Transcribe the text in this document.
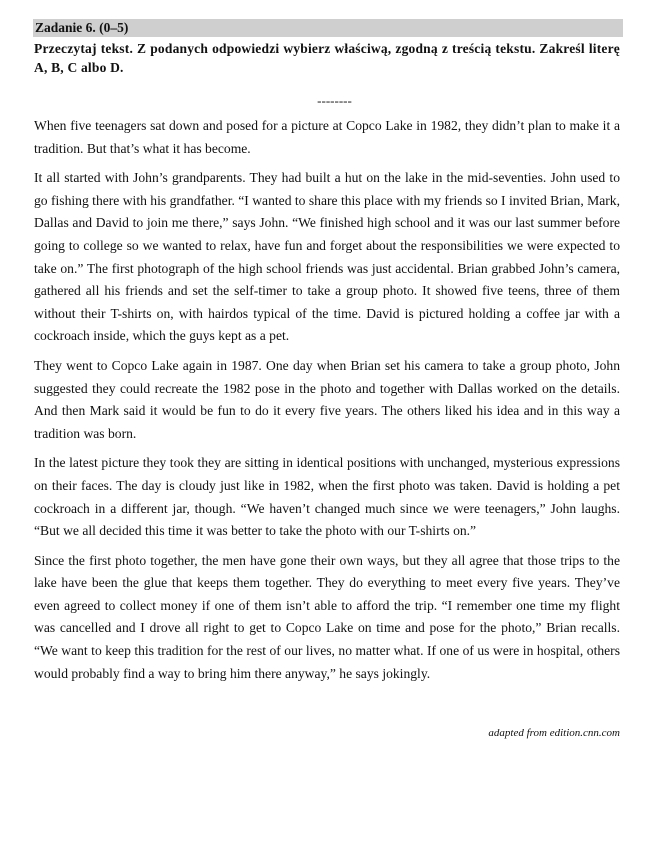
Zadanie 6. (0–5)
Przeczytaj tekst. Z podanych odpowiedzi wybierz właściwą, zgodną z treścią tekstu. Zakreśl literę A, B, C albo D.
--------

When five teenagers sat down and posed for a picture at Copco Lake in 1982, they didn’t plan to make it a tradition. But that’s what it has become.

It all started with John’s grandparents. They had built a hut on the lake in the mid-seventies. John used to go fishing there with his grandfather. “I wanted to share this place with my friends so I invited Brian, Mark, Dallas and David to join me there,” says John. “We finished high school and it was our last summer before going to college so we wanted to relax, have fun and forget about the responsibilities we were expected to take on.” The first photograph of the high school friends was just accidental. Brian grabbed John’s camera, gathered all his friends and set the self-timer to take a group photo. It showed five teens, three of them without their T-shirts on, with hairdos typical of the time. David is pictured holding a coffee jar with a cockroach inside, which the guys kept as a pet.

They went to Copco Lake again in 1987. One day when Brian set his camera to take a group photo, John suggested they could recreate the 1982 pose in the photo and together with Dallas worked on the details. And then Mark said it would be fun to do it every five years. The others liked his idea and in this way a tradition was born.

In the latest picture they took they are sitting in identical positions with unchanged, mysterious expressions on their faces. The day is cloudy just like in 1982, when the first photo was taken. David is holding a pet cockroach in a different jar, though. “We haven’t changed much since we were teenagers,” John laughs. “But we all decided this time it was better to take the photo with our T-shirts on.”

Since the first photo together, the men have gone their own ways, but they all agree that those trips to the lake have been the glue that keeps them together. They do everything to meet every five years. They’ve even agreed to collect money if one of them isn’t able to afford the trip. “I remember one time my flight was cancelled and I drove all right to get to Copco Lake on time and pose for the photo,” Brian recalls. “We want to keep this tradition for the rest of our lives, no matter what. If one of us were in hospital, others would probably find a way to bring him there anyway,” he says jokingly.

adapted from edition.cnn.com
